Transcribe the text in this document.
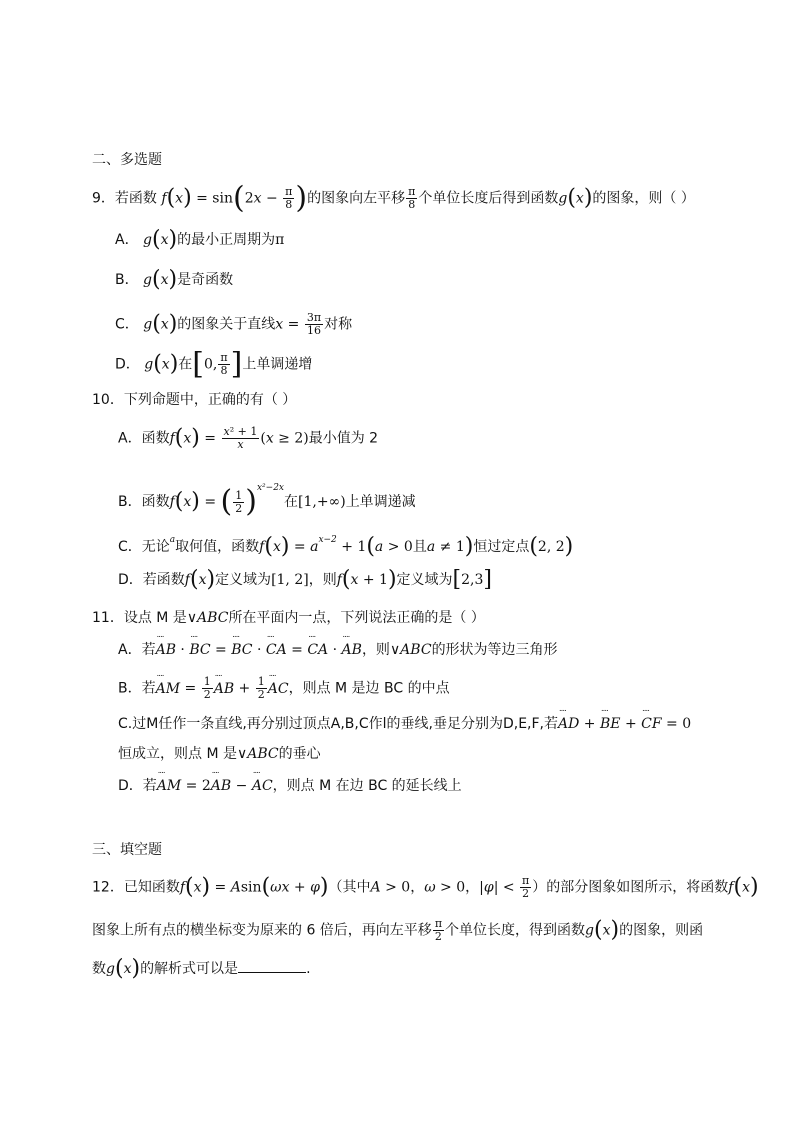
二、多选题
9．若函数 $f(x) = \sin(2x - \frac{\pi}{8}$ )的图象向左平移 $\frac{\pi}{8}$ 个单位长度后得到函数g(x)的图象，则（ ）
A． g(x)的最小正周期为π
B． g(x)是奇函数
C． g(x)的图象关于直线$x = \frac{3\pi}{16}$ 对称
D． g(x)在[0, $\frac{\pi}{8}$ ]上单调递增
10．下列命题中，正确的有（ ）
A．函数$f(x) = \frac{\text{x² + 1}}{x} (x \ge 2)$最小值为 2
B．函数f(x) = ( $\frac{1}{2} )^{x^2-2x}$在[1,+∞)上单调递减
C．无论$^a$取何值，函数$f(x) = a^{x-2} + 1(a > 0$且a ≠ 1)恒过定点(2, 2)
D．若函数f(x)定义域为[1, 2]，则f(x + 1)定义域为[2,3]
11．设点 M 是∨ABC所在平面内一点，下列说法正确的是（ ）
A．若¨¨ AB · ¨¨ BC = ¨¨ BC · ¨¨ CA = ¨¨ CA · ¨¨ AB，则∨ABC的形状为等边三角形
B．若¨¨ AM = $\frac{1}{2}$ ¨¨ AB + $\frac{1}{2}$ ¨¨ AC，则点 M 是边 BC 的中点
C.过M任作一条直线,再分别过顶点A,B,C作l的垂线,垂足分别为D,E,F,若¨¨ AD + ¨¨ BE + ¨¨ CF = 0
恒成立，则点 M 是∨ABC的垂心
D．若¨¨ AM = 2¨¨ AB − ¨¨ AC，则点 M 在边 BC 的延长线上
三、填空题
12．已知函数f(x) = Asin(ωx + φ)（其中A > 0，ω > 0，$|\varphi| < \frac{\pi}{2}$ ）的部分图象如图所示，将函数f(x)
图象上所有点的横坐标变为原来的 6 倍后，再向左平移 $\frac{\pi}{2}$ 个单位长度，得到函数g(x)的图象，则函
数g(x)的解析式可以是	.
